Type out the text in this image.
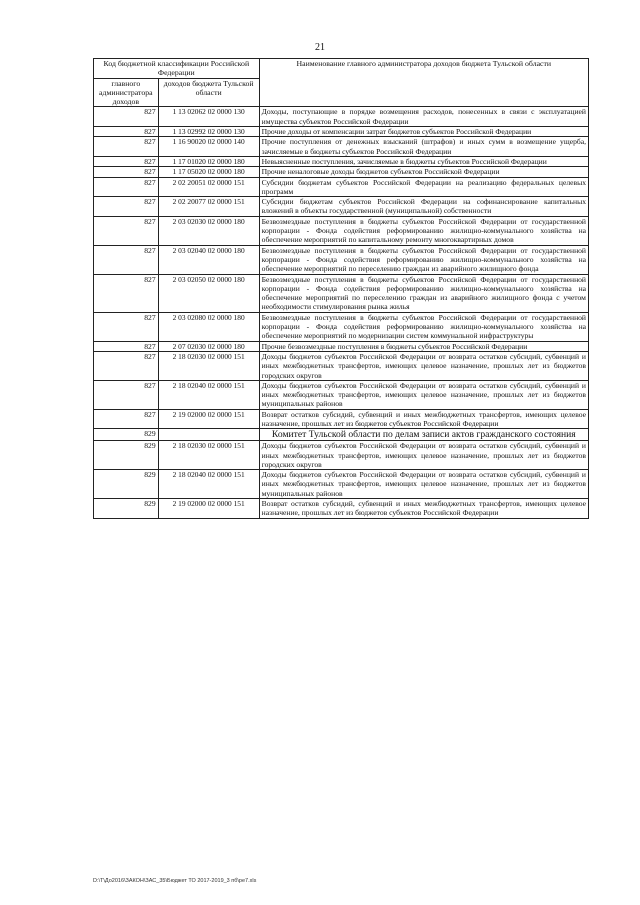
21
Код бюджетной классификации Российской Федерации		Наименование главного администратора доходов бюджета Тульской области
главного администратора доходов	доходов бюджета Тульской области	
827	1 13 02062 02 0000 130	Доходы, поступающие в порядке возмещения расходов, понесенных в связи с эксплуатацией имущества субъектов Российской Федерации
827	1 13 02992 02 0000 130	Прочие доходы от компенсации затрат бюджетов субъектов Российской Федерации
827	1 16 90020 02 0000 140	Прочие поступления от денежных взысканий (штрафов) и иных сумм в возмещение ущерба, зачисляемые в бюджеты субъектов Российской Федерации
827	1 17 01020 02 0000 180	Невыясненные поступления, зачисляемые в бюджеты субъектов Российской Федерации
827	1 17 05020 02 0000 180	Прочие неналоговые доходы бюджетов субъектов Российской Федерации
827	2 02 20051 02 0000 151	Субсидии бюджетам субъектов Российской Федерации на реализацию федеральных целевых программ
827	2 02 20077 02 0000 151	Субсидии бюджетам субъектов Российской Федерации на софинансирование капитальных вложений в объекты государственной (муниципальной) собственности
827	2 03 02030 02 0000 180	Безвозмездные поступления в бюджеты субъектов Российской Федерации от государственной корпорации - Фонда содействия реформированию жилищно-коммунального хозяйства на обеспечение мероприятий по капитальному ремонту многоквартирных домов
827	2 03 02040 02 0000 180	Безвозмездные поступления в бюджеты субъектов Российской Федерации от государственной корпорации - Фонда содействия реформированию жилищно-коммунального хозяйства на обеспечение мероприятий по переселению граждан из аварийного жилищного фонда
827	2 03 02050 02 0000 180	Безвозмездные поступления в бюджеты субъектов Российской Федерации от государственной корпорации - Фонда содействия реформированию жилищно-коммунального хозяйства на обеспечение мероприятий по переселению граждан из аварийного жилищного фонда с учетом необходимости стимулирования рынка жилья
827	2 03 02080 02 0000 180	Безвозмездные поступления в бюджеты субъектов Российской Федерации от государственной корпорации - Фонда содействия реформированию жилищно-коммунального хозяйства на обеспечение мероприятий по модернизации систем коммунальной инфраструктуры
827	2 07 02030 02 0000 180	Прочие безвозмездные поступления в бюджеты субъектов Российской Федерации
827	2 18 02030 02 0000 151	Доходы бюджетов субъектов Российской Федерации от возврата остатков субсидий, субвенций и иных межбюджетных трансфертов, имеющих целевое назначение, прошлых лет из бюджетов городских округов
827	2 18 02040 02 0000 151	Доходы бюджетов субъектов Российской Федерации от возврата остатков субсидий, субвенций и иных межбюджетных трансфертов, имеющих целевое назначение, прошлых лет из бюджетов муниципальных районов
827	2 19 02000 02 0000 151	Возврат остатков субсидий, субвенций и иных межбюджетных трансфертов, имеющих целевое назначение, прошлых лет из бюджетов субъектов Российской Федерации
829		Комитет Тульской области по делам записи актов гражданского состояния
829	2 18 02030 02 0000 151	Доходы бюджетов субъектов Российской Федерации от возврата остатков субсидий, субвенций и иных межбюджетных трансфертов, имеющих целевое назначение, прошлых лет из бюджетов городских округов
829	2 18 02040 02 0000 151	Доходы бюджетов субъектов Российской Федерации от возврата остатков субсидий, субвенций и иных межбюджетных трансфертов, имеющих целевое назначение, прошлых лет из бюджетов муниципальных районов
829	2 19 02000 02 0000 151	Возврат остатков субсидий, субвенций и иных межбюджетных трансфертов, имеющих целевое назначение, прошлых лет из бюджетов субъектов Российской Федерации
D:\Т\До2016\ЗАКОН\ЗАС_35\Бюджет ТО 2017-2019_3 пб\ре7.xls
